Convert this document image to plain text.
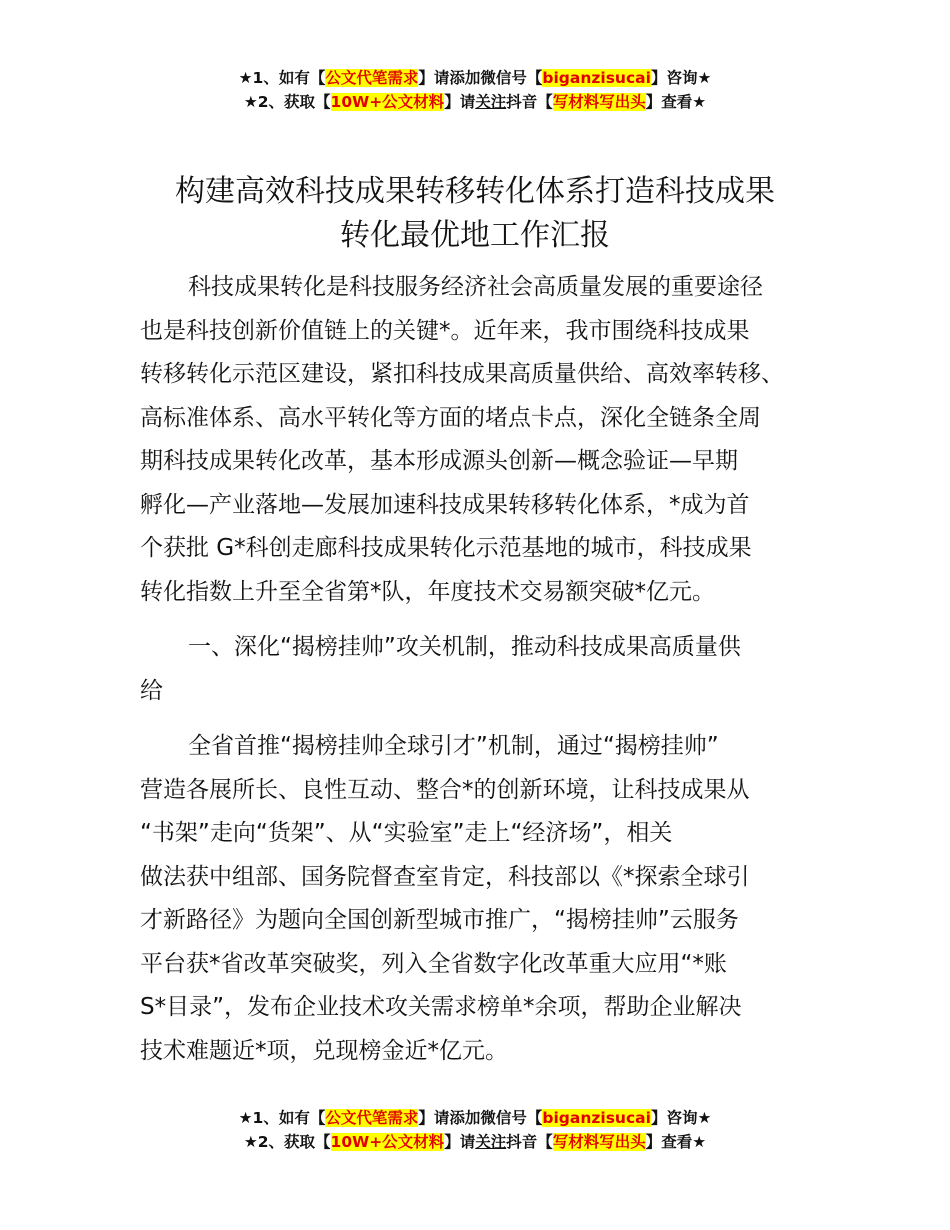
★1、如有【公文代笔需求】请添加微信号【biganzisucai】咨询★
★2、获取【10W+公文材料】请关注抖音【写材料写出头】查看★
构建高效科技成果转移转化体系打造科技成果
转化最优地工作汇报
科技成果转化是科技服务经济社会高质量发展的重要途径
也是科技创新价值链上的关键*。近年来，我市围绕科技成果
转移转化示范区建设，紧扣科技成果高质量供给、高效率转移、
高标准体系、高水平转化等方面的堵点卡点，深化全链条全周
期科技成果转化改革，基本形成源头创新—概念验证—早期
孵化—产业落地—发展加速科技成果转移转化体系，*成为首
个获批 G*科创走廊科技成果转化示范基地的城市，科技成果
转化指数上升至全省第*队，年度技术交易额突破*亿元。
一、深化“揭榜挂帅”攻关机制，推动科技成果高质量供
给
全省首推“揭榜挂帅全球引才”机制，通过“揭榜挂帅”
营造各展所长、良性互动、整合*的创新环境，让科技成果从
“书架”走向“货架”、从“实验室”走上“经济场”，相关
做法获中组部、国务院督查室肯定，科技部以《*探索全球引
才新路径》为题向全国创新型城市推广，“揭榜挂帅”云服务
平台获*省改革突破奖，列入全省数字化改革重大应用“*账
S*目录”，发布企业技术攻关需求榜单*余项，帮助企业解决
技术难题近*项，兑现榜金近*亿元。
★1、如有【公文代笔需求】请添加微信号【biganzisucai】咨询★
★2、获取【10W+公文材料】请关注抖音【写材料写出头】查看★
